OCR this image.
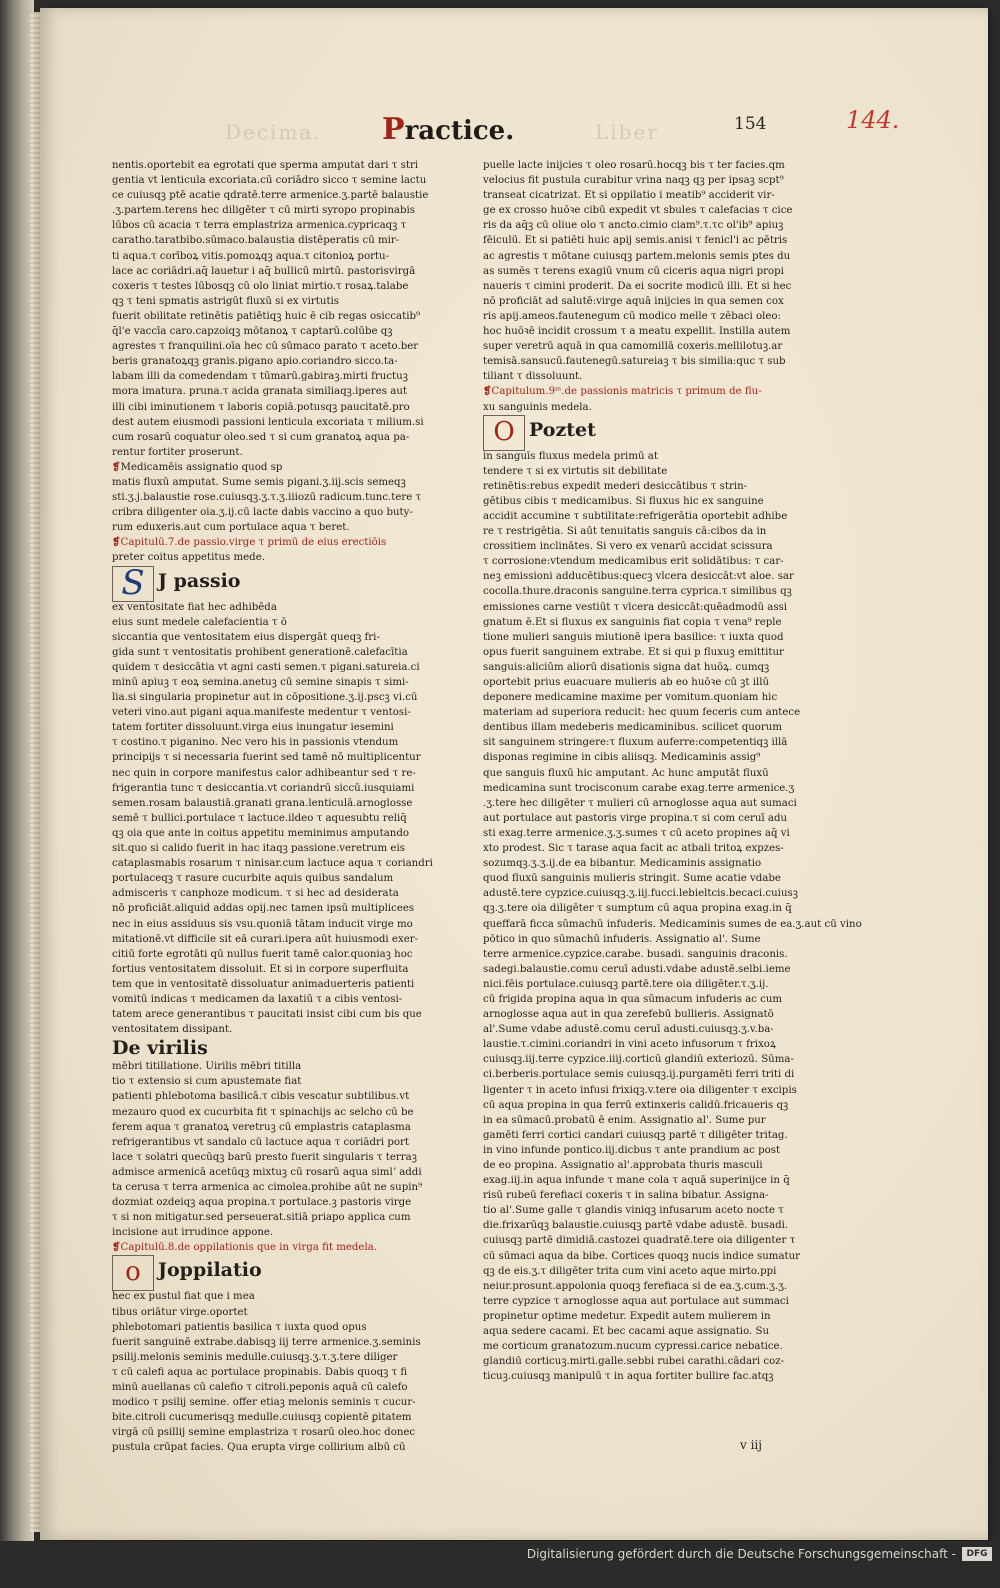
Decima.	Liber
Practice.	154	144.
nentis.oportebit ea egrotati que sperma amputat dari τ stri
gentia vt lenticula excoriata.cū coriādro sicco τ semine lactu
ce cuiusqꝫ ptē acatie qdratē.terre armenice.ʒ.partē balaustie
.ʒ.partem.terens hec diligēter τ cū mirti syropo propinabis
lūbos cū acacia τ terra emplastriza armenica.cypricaqꝫ τ
caratho.taratbibo.sūmaco.balaustia distēperatis cū mir-
ti aqua.τ corīboꝝ vitis.pomoꝝqꝫ aqua.τ citonioꝝ portu-
lace ac coriādri.aq̄ lauetur i aq̄ bullicū mirtū. pastorisvirgā
coxeris τ testes lūbosqꝫ cū olo liniat mirtio.τ rosaꝝ.talabe
qꝫ τ teni spmatis astrigūt fluxū si ex virtutis
fuerit obilitate retinētis patiētiqꝫ huic ē cib regas osiccatib⁹
q̄l'e vaccīa caro.capzoiqꝫ mōtanoꝝ τ captarū.colūbe qꝫ
agrestes τ franquilini.oīa hec cū sūmaco parato τ aceto.ber
beris granatoꝝqꝫ granis.pigano apio.coriandro sicco.ta-
labam illi da comedendam τ tūmarū.gabiraꝫ.mirti fructuꝫ
mora imatura. pruna.τ acida granata similiaqꝫ.iperes aut
illi cibi iminutionem τ laboris copiā.potusqꝫ paucitatē.pro
dest autem eiusmodi passioni lenticula excoriata τ milium.si
cum rosarū coquatur oleo.sed τ si cum granatoꝝ aqua pa-
rentur fortiter proserunt.
❡Medicamēis assignatio quod sp
matis fluxū amputat. Sume semis pigani.ʒ.iij.scis semeqꝫ
sti.ʒ.j.balaustie rose.cuiusqꝫ.ʒ.τ.ʒ.iiiozū radicum.tunc.tere τ
cribra diligenter oia.ʒ.ij.cū lacte dabis vaccino a quo buty-
rum eduxeris.aut cum portulace aqua τ beret.
❡Capitulū.7.de passio.virge τ primū de eius erectiōis
preter coitus appetitus mede.
S J passio
ex ventositate fiat hec adhibēda
eius sunt medele calefacientia τ ō
siccantia que ventositatem eius dispergāt queqꝫ fri-
gida sunt τ ventositatis prohibent generationē.calefacītia
quidem τ desiccātia vt agni casti semen.τ pigani.satureia.ci
minū apiuꝫ τ eoꝝ semina.anetuꝫ cū semine sinapis τ simi-
lia.si singularia propinetur aut in cōpositione.ʒ.ij.pscꝫ vi.cū
veteri vino.aut pigani aqua.manifeste medentur τ ventosi-
tatem fortiter dissoluunt.virga eius inungatur iesemini
τ costino.τ piganino. Nec vero his in passionis vtendum
principijs τ si necessaria fuerint sed tamē nō multiplicentur
nec quin in corpore manifestus calor adhibeantur sed τ re-
frigerantia tunc τ desiccantia.vt coriandrū siccū.iusquiami
semen.rosam balaustiā.granati grana.lenticulā.arnoglosse
semē τ bullici.portulace τ lactuce.ildeo τ aquesubtu reliq̄
qꝫ oia que ante in coitus appetitu meminimus amputando
sit.quo si calido fuerit in hac itaqꝫ passione.veretrum eis
cataplasmabis rosarum τ ninisar.cum lactuce aqua τ coriandri
portulaceqꝫ τ rasure cucurbite aquis quibus sandalum
admisceris τ canphoze modicum. τ si hec ad desiderata
nō proficiāt.aliquid addas opij.nec tamen ipsū multiplicees
nec in eius assiduus sis vsu.quoniā tātam inducit virge mo
mitationē.vt difficile sit eā curari.ipera aūt huiusmodi exer-
citiū forte egrotāti qū nullus fuerit tamē calor.quoniaꝫ hoc
fortius ventositatem dissoluit. Et si in corpore superfluita
tem que in ventositatē dissoluatur animaduerteris patienti
vomitū indicas τ medicamen da laxatiū τ a cibis ventosi-
tatem arece generantibus τ paucitati insist cibi cum bis que
ventositatem dissipant.
De virilis
mēbri titillatione. Uirilis mēbri titilla
tio τ extensio si cum apustemate fiat
patienti phlebotoma basilicā.τ cibis vescatur subtilibus.vt
mezauro quod ex cucurbita fit τ spinachijs ac selcho cū be
ferem aqua τ granatoꝝ veretruꝫ cū emplastris cataplasma
refrigerantibus vt sandalo cū lactuce aqua τ coriādri port
lace τ solatri quecūqꝫ barū presto fuerit singularis τ terraꝫ
admisce armenicā acetūqꝫ mixtuꝫ cū rosarū aqua simlʼ addi
ta cerusa τ terra armenica ac cimolea.prohibe aūt ne supin⁹
dozmiat ozdeiqꝫ aqua propina.τ portulace.ꝫ pastoris virge
τ si non mitigatur.sed perseuerat.sitiā priapo applica cum
incisione aut irrudince appone.
❡Capitulū.8.de oppilationis que in virga fit medela.
o Joppilatio
hec ex pustul fiat que i mea
tibus oriātur virge.oportet
phlebotomari patientis basilica τ iuxta quod opus
fuerit sanguinē extrabe.dabisqꝫ iij terre armenice.ʒ.seminis
psilij.melonis seminis medulle.cuiusqꝫ.ʒ.τ.ʒ.tere diliger
τ cū calefi aqua ac portulace propinabis. Dabis quoqꝫ τ fi
minū auellanas cū calefio τ citroli.peponis aquā cū calefo
modico τ psilij semine. offer etiaꝫ melonis seminis τ cucur-
bite.citroli cucumerisqꝫ medulle.cuiusqꝫ copientē ꝑitatem
virgā cū psillij semine emplastriza τ rosarū oleo.hoc donec
pustula crūpat facies. Qua erupta virge collirium albū cū
puelle lacte inijcies τ oleo rosarū.hocqꝫ bis τ ter facies.qm
velocius fit pustula curabitur vrina naqꝫ qꝫ per ipsaꝫ scpt⁹
transeat cicatrizat. Et si oppilatio i meatib⁹ acciderit vir-
ge ex crosso huōꝛe cibū expedit vt sbules τ calefacias τ cice
ris da aq̄ꝫ cū oliue olo τ ancto.cimio ciam⁹.τ.τc ol'ib⁹ apiuꝫ
fēiculū. Et si patiēti huic apij semis.anisi τ fenicl'i ac pētris
ac agrestis τ mōtane cuiusqꝫ partem.melonis semis ptes du
as sumēs τ terens exagiū vnum cū ciceris aqua nigri propi
naueris τ cimini proderit. Da ei socrite modicū illi. Et si hec
nō proficiāt ad salutē:virge aquā inijcies in qua semen cox
ris apij.ameos.fautenegum cū modico melle τ zēbaci oleo:
hoc huōꝛē incidit crossum τ a meatu expellit. Instilla autem
super veretrū aquā in qua camomillā coxeris.mellilotuꝫ.ar
temisā.sansucū.fautenegū.satureiaꝫ τ bis similia:quc τ sub
tiliant τ dissoluunt.
❡Capitulum.9ᵐ.de passionis matricis τ primum de flu-
xu sanguinis medela.
O Poztet
in sanguīs fluxus medela primū at
tendere τ si ex virtutis sit debilitate
retinētis:rebus expedit mederi desiccātibus τ strin-
gētibus cibis τ medicamibus. Si fluxus hic ex sanguine
accidit accumine τ subtilitate:refrigerātia oportebit adhibe
re τ restrigētia. Si aūt tenuitatis sanguis cā:cibos da in
crossitiem inclinātes. Si vero ex venarū accidat scissura
τ corrosione:vtendum medicamibus erit solidātibus: τ car-
neꝫ emissioni adducētibus:quecꝫ vlcera desiccāt:vt aloe. sar
cocolla.thure.draconis sanguine.terra cyprica.τ similibus qꝫ
emissiones carne vestiūt τ vlcera desiccāt:quēadmodū assi
gnatum ē.Et si fluxus ex sanguinis fiat copia τ vena⁹ reple
tione mulieri sanguis miutionē ipera basilice: τ iuxta quod
opus fuerit sanguinem extrabe. Et si qui p fluxuꝫ emittitur
sanguis:aliciūm aliorū disationis signa dat huōꝝ. cumqꝫ
oportebit prius euacuare mulieris ab eo huōꝛe cū ꝫt illū
deponere medicamine maxime per vomitum.quoniam hic
materiam ad superiora reducit: hec quum feceris cum antece
dentibus illam medeberis medicaminibus. scilicet quorum
sit sanguinem stringere:τ fluxum auferre:competentiqꝫ illā
disponas regimine in cibis aliisqꝫ. Medicaminis assig⁹
que sanguis fluxū hic amputant. Ac hunc amputāt fluxū
medicamina sunt trocisconum carabe exag.terre armenice.ʒ
.ʒ.tere hec diligēter τ mulieri cū arnoglosse aqua aut sumaci
aut portulace aut pastoris virge propina.τ si com ceruī adu
sti exag.terre armenice.ʒ.ʒ.sumes τ cū aceto propines aq̄ vi
xto prodest. Sic τ tarase aqua facit ac atbali tritoꝝ expzes-
sozumqꝫ.ʒ.ʒ.ij.de ea bibantur. Medicaminis assignatio
quod fluxū sanguinis mulieris stringit. Sume acatie vdabe
adustē.tere cypzice.cuiusqꝫ.ʒ.iij.fucci.lebieltcis.becaci.cuiusꝫ
qꝫ.ʒ.tere oia diligēter τ sumptum cū aqua propina exag.in q̄
queffarā ficca sūmachū infuderis. Medicaminis sumes de ea.ʒ.aut cū vino
pōtico in quo sūmachū infuderis. Assignatio al'. Sume
terre armenice.cypzice.carabe. busadi. sanguinis draconis.
sadegi.balaustie.comu ceruī adusti.vdabe adustē.selbi.ieme
nici.fēis portulace.cuiusqꝫ partē.tere oia diligēter.τ.ʒ.ij.
cū frigida propina aqua in qua sūmacum infuderis ac cum
arnoglosse aqua aut in qua zerefebū bullieris. Assignatō
al'.Sume vdabe adustē.comu ceruī adusti.cuiusqꝫ.ʒ.v.ba-
laustie.τ.cimini.coriandri in vini aceto infusorum τ frixoꝝ
cuiusqꝫ.iij.terre cypzice.iiij.corticū glandiū exteriozū. Sūma-
ci.berberis.portulace semis cuiusqꝫ.ij.purgamēti ferri triti di
ligenter τ in aceto infusi frixiqꝫ.v.tere oia diligenter τ excipis
cū aqua propina in qua ferrū extinxeris calidū.fricaueris qꝫ
in ea sūmacū.probatū ē enim. Assignatio al'. Sume pur
gamēti ferri cortici candari cuiusqꝫ partē τ diligēter tritag.
in vino infunde pontico.iij.dicbus τ ante prandium ac post
de eo propina. Assignatio al'.approbata thuris masculi
exag.iij.in aqua infunde τ mane cola τ aquā superinijce in q̄
risū rubeū ferefiaci coxeris τ in salina bibatur. Assigna-
tio al'.Sume galle τ glandis viniqꝫ infusarum aceto nocte τ
die.frixarūqꝫ balaustie.cuiusqꝫ partē vdabe adustē. busadi.
cuiusqꝫ partē dimidiā.castozei quadratē.tere oia diligenter τ
cū sūmaci aqua da bibe. Cortices quoqꝫ nucis indice sumatur
qꝫ de eis.ʒ.τ diligēter trita cum vini aceto aque mirto.ppi
neiur.prosunt.appolonia quoqꝫ ferefiaca si de ea.ʒ.cum.ʒ.ʒ.
terre cypzice τ arnoglosse aqua aut portulace aut summaci
propinetur optime medetur. Expedit autem mulierem in
aqua sedere cacami. Et bec cacami aque assignatio. Su
me corticum granatozum.nucum cypressi.carice nebatice.
glandiū corticuꝫ.mirti.galle.sebbi rubei carathi.cādari coz-
ticuꝫ.cuiusqꝫ manipulū τ in aqua fortiter bullire fac.atqꝫ
v iij
Digitalisierung gefördert durch die Deutsche Forschungsgemeinschaft -	DFG
